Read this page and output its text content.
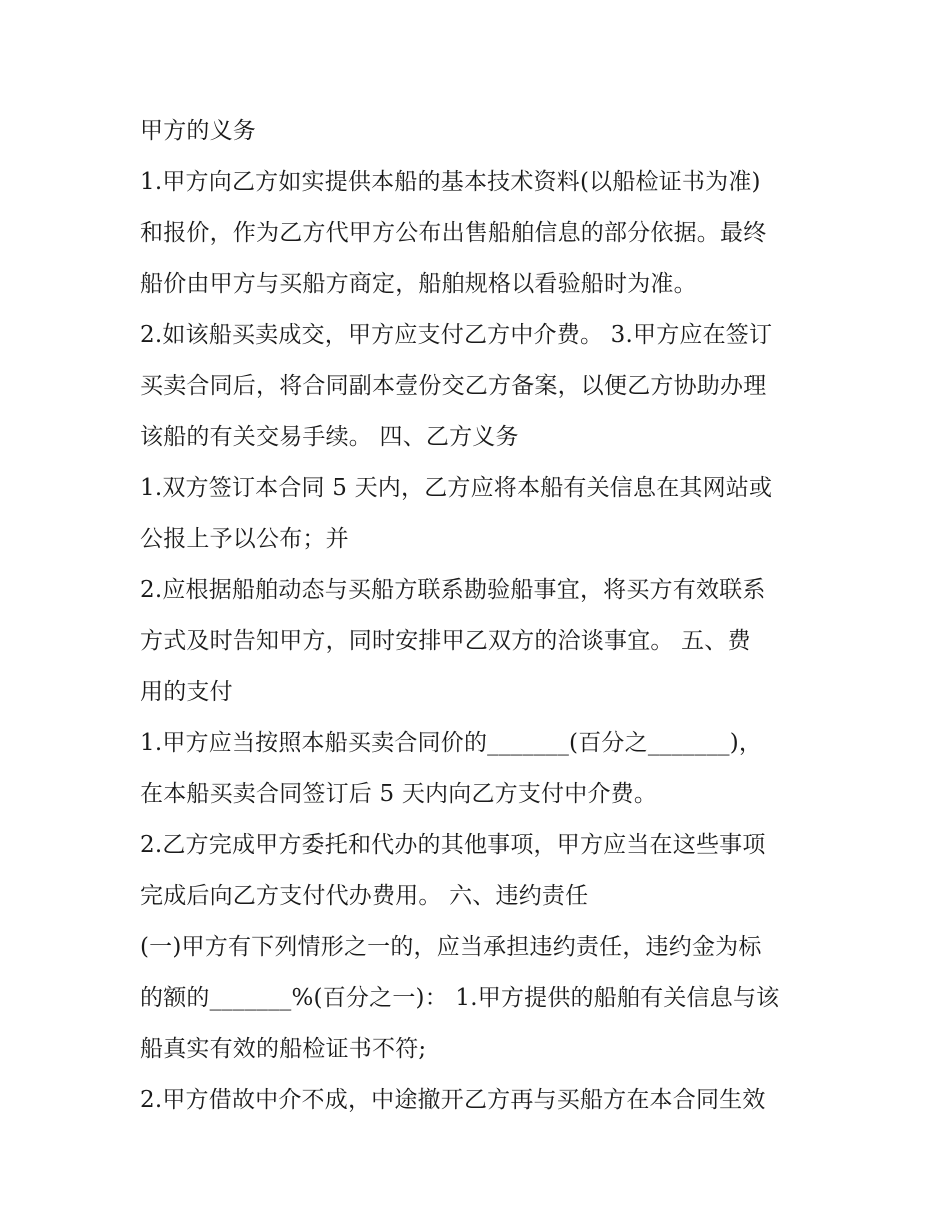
甲方的义务
1.甲方向乙方如实提供本船的基本技术资料(以船检证书为准)
和报价，作为乙方代甲方公布出售船舶信息的部分依据。最终
船价由甲方与买船方商定，船舶规格以看验船时为准。
2.如该船买卖成交，甲方应支付乙方中介费。 3.甲方应在签订
买卖合同后，将合同副本壹份交乙方备案，以便乙方协助办理
该船的有关交易手续。 四、乙方义务
1.双方签订本合同 5 天内，乙方应将本船有关信息在其网站或
公报上予以公布；并
2.应根据船舶动态与买船方联系勘验船事宜，将买方有效联系
方式及时告知甲方，同时安排甲乙双方的洽谈事宜。 五、费
用的支付
1.甲方应当按照本船买卖合同价的_______(百分之_______)，
在本船买卖合同签订后 5 天内向乙方支付中介费。
2.乙方完成甲方委托和代办的其他事项，甲方应当在这些事项
完成后向乙方支付代办费用。 六、违约责任
(一)甲方有下列情形之一的，应当承担违约责任，违约金为标
的额的_______%(百分之一)： 1.甲方提供的船舶有关信息与该
船真实有效的船检证书不符;
2.甲方借故中介不成，中途撤开乙方再与买船方在本合同生效
